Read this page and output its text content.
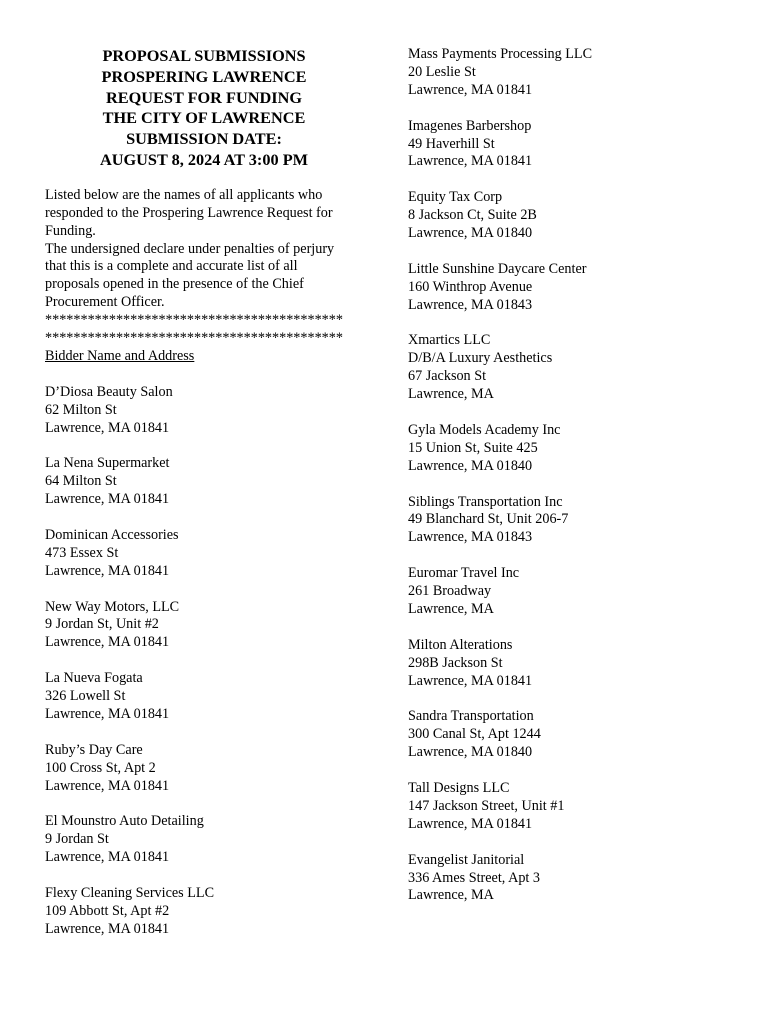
PROPOSAL SUBMISSIONS
PROSPERING LAWRENCE
REQUEST FOR FUNDING
THE CITY OF LAWRENCE
SUBMISSION DATE:
AUGUST 8, 2024 AT 3:00 PM

Listed below are the names of all applicants who

responded to the Prospering Lawrence Request for

Funding.

The undersigned declare under penalties of perjury

that this is a complete and accurate list of all

proposals opened in the presence of the Chief

Procurement Officer.

******************************************
******************************************
Bidder Name and Address
D’Diosa Beauty Salon
62 Milton St
Lawrence, MA 01841
La Nena Supermarket
64 Milton St
Lawrence, MA 01841
Dominican Accessories
473 Essex St
Lawrence, MA 01841
New Way Motors, LLC
9 Jordan St, Unit #2
Lawrence, MA 01841
La Nueva Fogata
326 Lowell St
Lawrence, MA 01841
Ruby’s Day Care
100 Cross St, Apt 2
Lawrence, MA 01841
El Mounstro Auto Detailing
9 Jordan St
Lawrence, MA 01841
Flexy Cleaning Services LLC
109 Abbott St, Apt #2
Lawrence, MA 01841
Mass Payments Processing LLC
20 Leslie St
Lawrence, MA 01841
Imagenes Barbershop
49 Haverhill St
Lawrence, MA 01841
Equity Tax Corp
8 Jackson Ct, Suite 2B
Lawrence, MA 01840
Little Sunshine Daycare Center
160 Winthrop Avenue
Lawrence, MA 01843
Xmartics LLC
D/B/A Luxury Aesthetics
67 Jackson St
Lawrence, MA
Gyla Models Academy Inc
15 Union St, Suite 425
Lawrence, MA 01840
Siblings Transportation Inc
49 Blanchard St, Unit 206-7
Lawrence, MA 01843
Euromar Travel Inc
261 Broadway
Lawrence, MA
Milton Alterations
298B Jackson St
Lawrence, MA 01841
Sandra Transportation
300 Canal St, Apt 1244
Lawrence, MA 01840
Tall Designs LLC
147 Jackson Street, Unit #1
Lawrence, MA 01841
Evangelist Janitorial
336 Ames Street, Apt 3
Lawrence, MA
